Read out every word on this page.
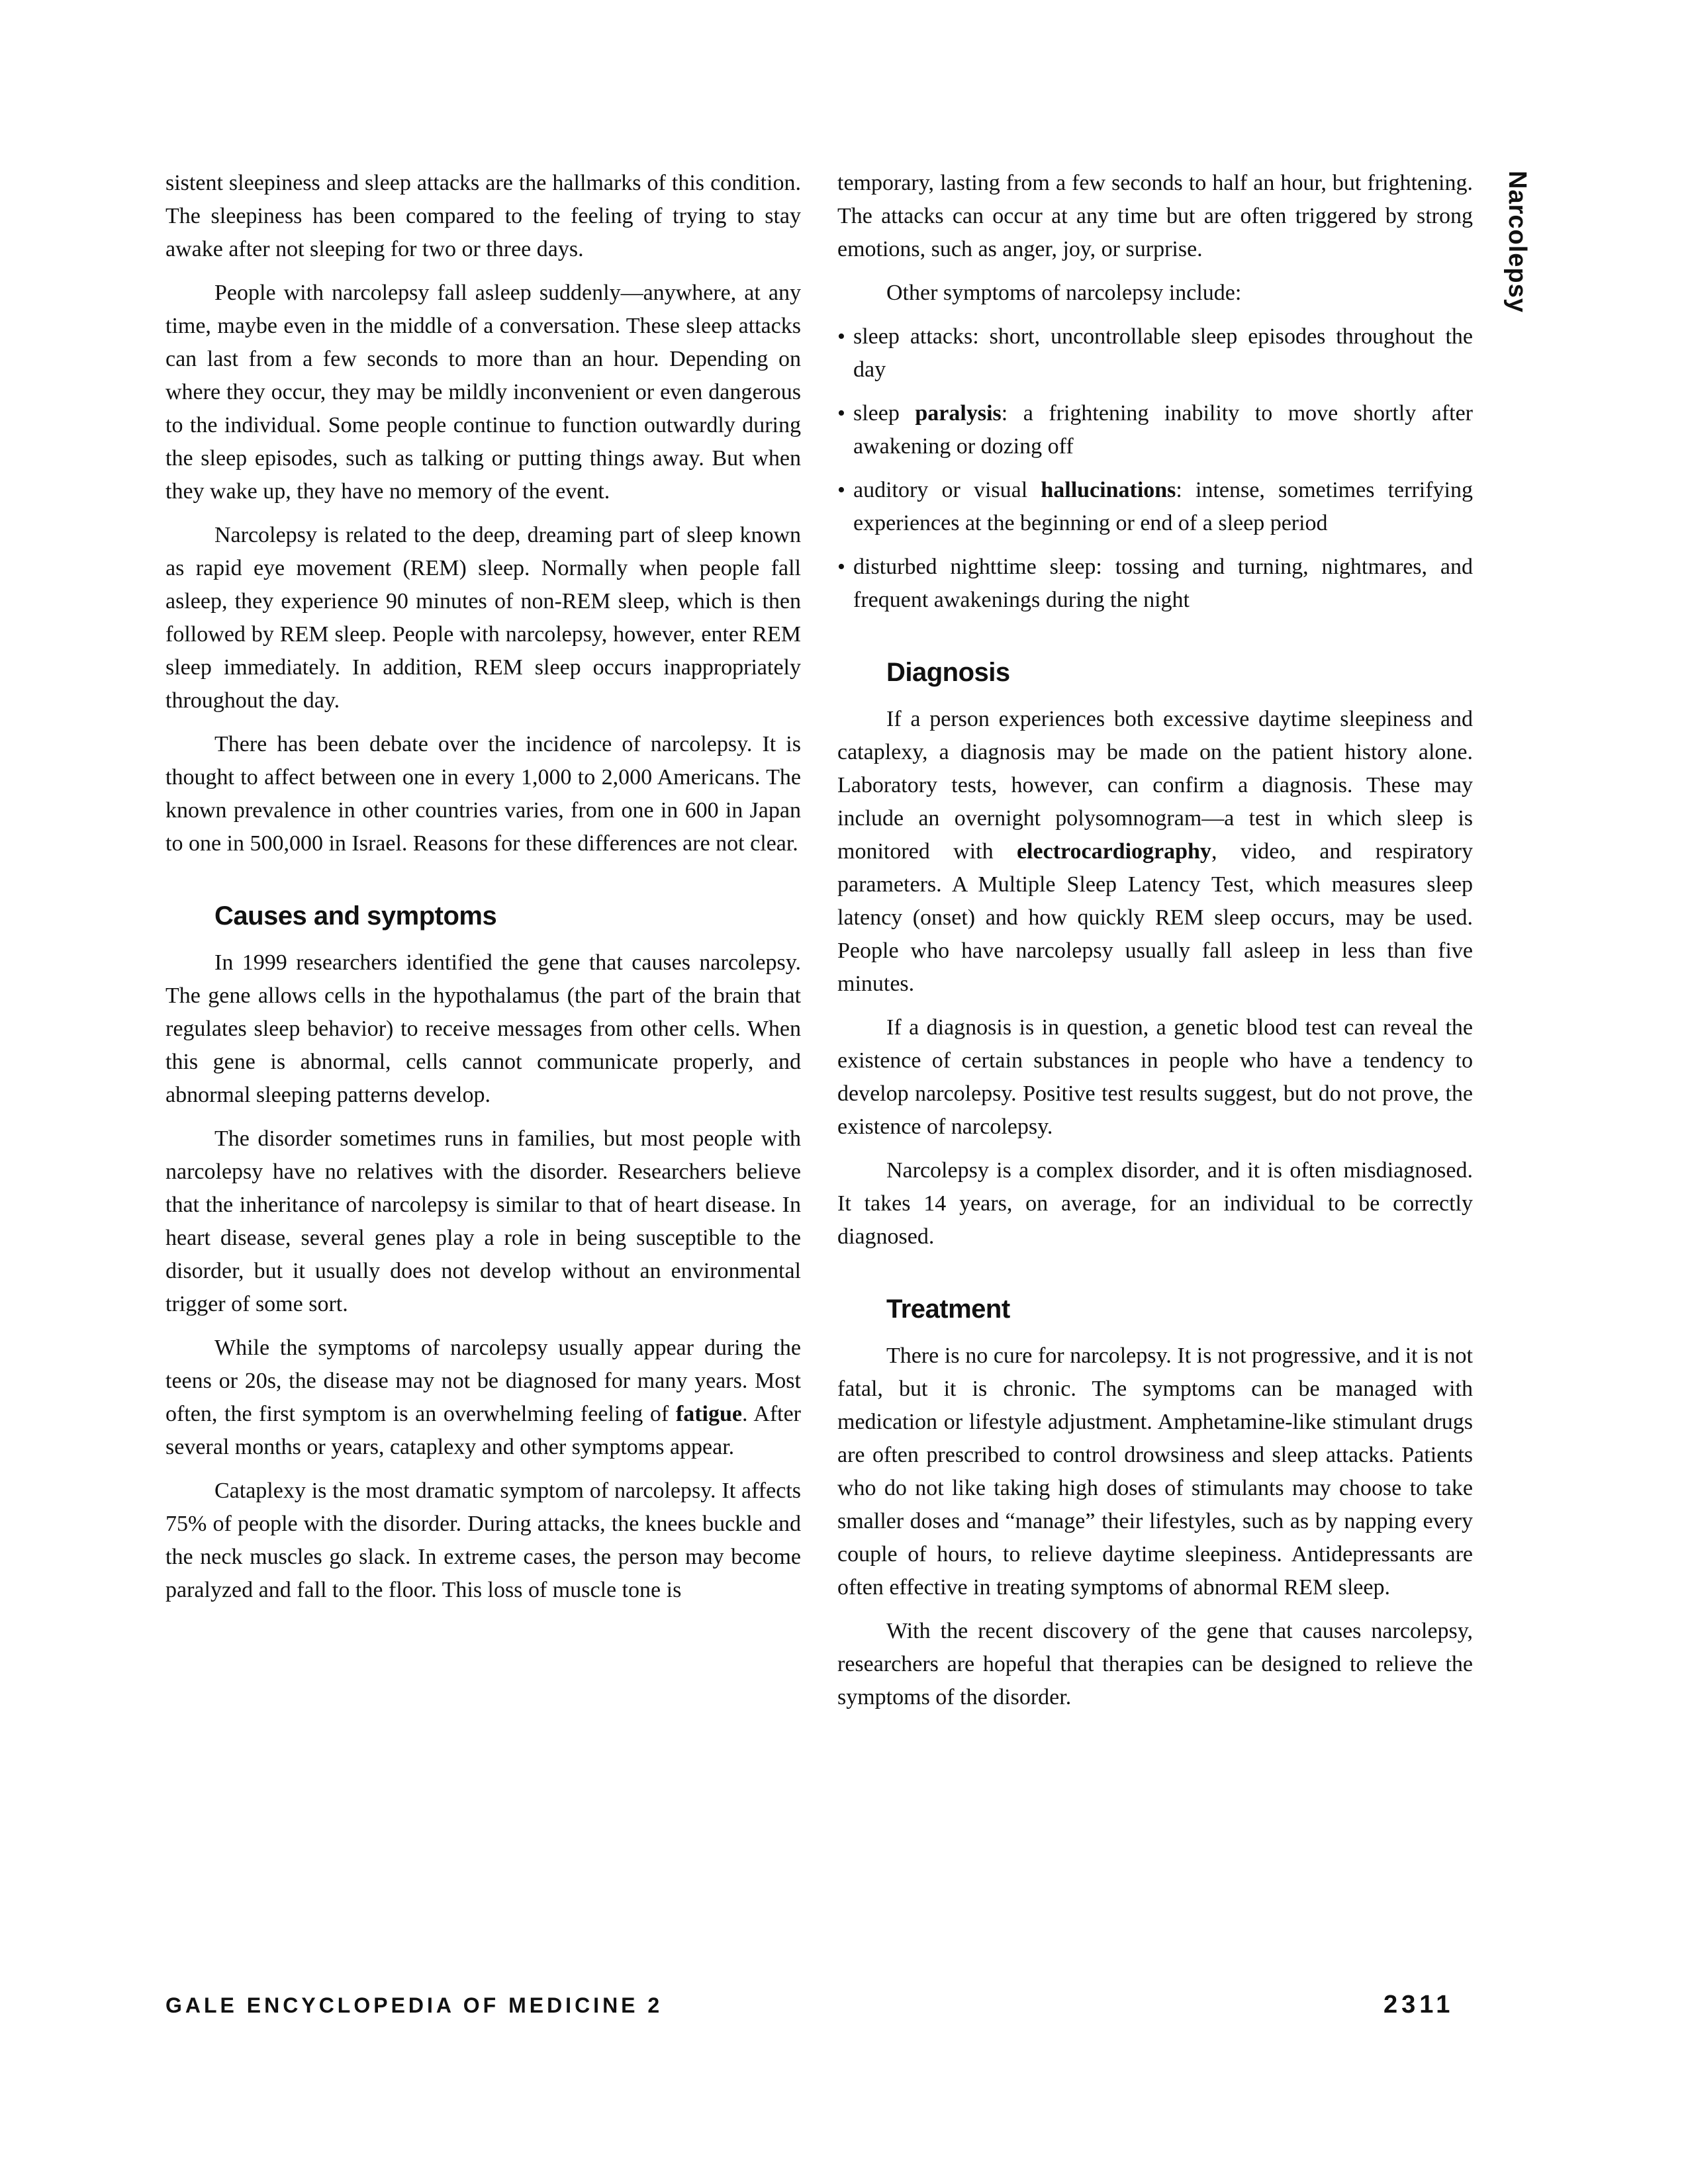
Narcolepsy

sistent sleepiness and sleep attacks are the hallmarks of this condition. The sleepiness has been compared to the feeling of trying to stay awake after not sleeping for two or three days.

People with narcolepsy fall asleep suddenly—anywhere, at any time, maybe even in the middle of a conversation. These sleep attacks can last from a few seconds to more than an hour. Depending on where they occur, they may be mildly inconvenient or even dangerous to the individual. Some people continue to function outwardly during the sleep episodes, such as talking or putting things away. But when they wake up, they have no memory of the event.

Narcolepsy is related to the deep, dreaming part of sleep known as rapid eye movement (REM) sleep. Normally when people fall asleep, they experience 90 minutes of non-REM sleep, which is then followed by REM sleep. People with narcolepsy, however, enter REM sleep immediately. In addition, REM sleep occurs inappropriately throughout the day.

There has been debate over the incidence of narcolepsy. It is thought to affect between one in every 1,000 to 2,000 Americans. The known prevalence in other countries varies, from one in 600 in Japan to one in 500,000 in Israel. Reasons for these differences are not clear.

Causes and symptoms

In 1999 researchers identified the gene that causes narcolepsy. The gene allows cells in the hypothalamus (the part of the brain that regulates sleep behavior) to receive messages from other cells. When this gene is abnormal, cells cannot communicate properly, and abnormal sleeping patterns develop.

The disorder sometimes runs in families, but most people with narcolepsy have no relatives with the disorder. Researchers believe that the inheritance of narcolepsy is similar to that of heart disease. In heart disease, several genes play a role in being susceptible to the disorder, but it usually does not develop without an environmental trigger of some sort.

While the symptoms of narcolepsy usually appear during the teens or 20s, the disease may not be diagnosed for many years. Most often, the first symptom is an overwhelming feeling of fatigue. After several months or years, cataplexy and other symptoms appear.

Cataplexy is the most dramatic symptom of narcolepsy. It affects 75% of people with the disorder. During attacks, the knees buckle and the neck muscles go slack. In extreme cases, the person may become paralyzed and fall to the floor. This loss of muscle tone is

temporary, lasting from a few seconds to half an hour, but frightening. The attacks can occur at any time but are often triggered by strong emotions, such as anger, joy, or surprise.

Other symptoms of narcolepsy include:

• sleep attacks: short, uncontrollable sleep episodes throughout the day
• sleep paralysis: a frightening inability to move shortly after awakening or dozing off
• auditory or visual hallucinations: intense, sometimes terrifying experiences at the beginning or end of a sleep period
• disturbed nighttime sleep: tossing and turning, nightmares, and frequent awakenings during the night
Diagnosis

If a person experiences both excessive daytime sleepiness and cataplexy, a diagnosis may be made on the patient history alone. Laboratory tests, however, can confirm a diagnosis. These may include an overnight polysomnogram—a test in which sleep is monitored with electrocardiography, video, and respiratory parameters. A Multiple Sleep Latency Test, which measures sleep latency (onset) and how quickly REM sleep occurs, may be used. People who have narcolepsy usually fall asleep in less than five minutes.

If a diagnosis is in question, a genetic blood test can reveal the existence of certain substances in people who have a tendency to develop narcolepsy. Positive test results suggest, but do not prove, the existence of narcolepsy.

Narcolepsy is a complex disorder, and it is often misdiagnosed. It takes 14 years, on average, for an individual to be correctly diagnosed.

Treatment

There is no cure for narcolepsy. It is not progressive, and it is not fatal, but it is chronic. The symptoms can be managed with medication or lifestyle adjustment. Amphetamine-like stimulant drugs are often prescribed to control drowsiness and sleep attacks. Patients who do not like taking high doses of stimulants may choose to take smaller doses and “manage” their lifestyles, such as by napping every couple of hours, to relieve daytime sleepiness. Antidepressants are often effective in treating symptoms of abnormal REM sleep.

With the recent discovery of the gene that causes narcolepsy, researchers are hopeful that therapies can be designed to relieve the symptoms of the disorder.

GALE ENCYCLOPEDIA OF MEDICINE 2	2311
